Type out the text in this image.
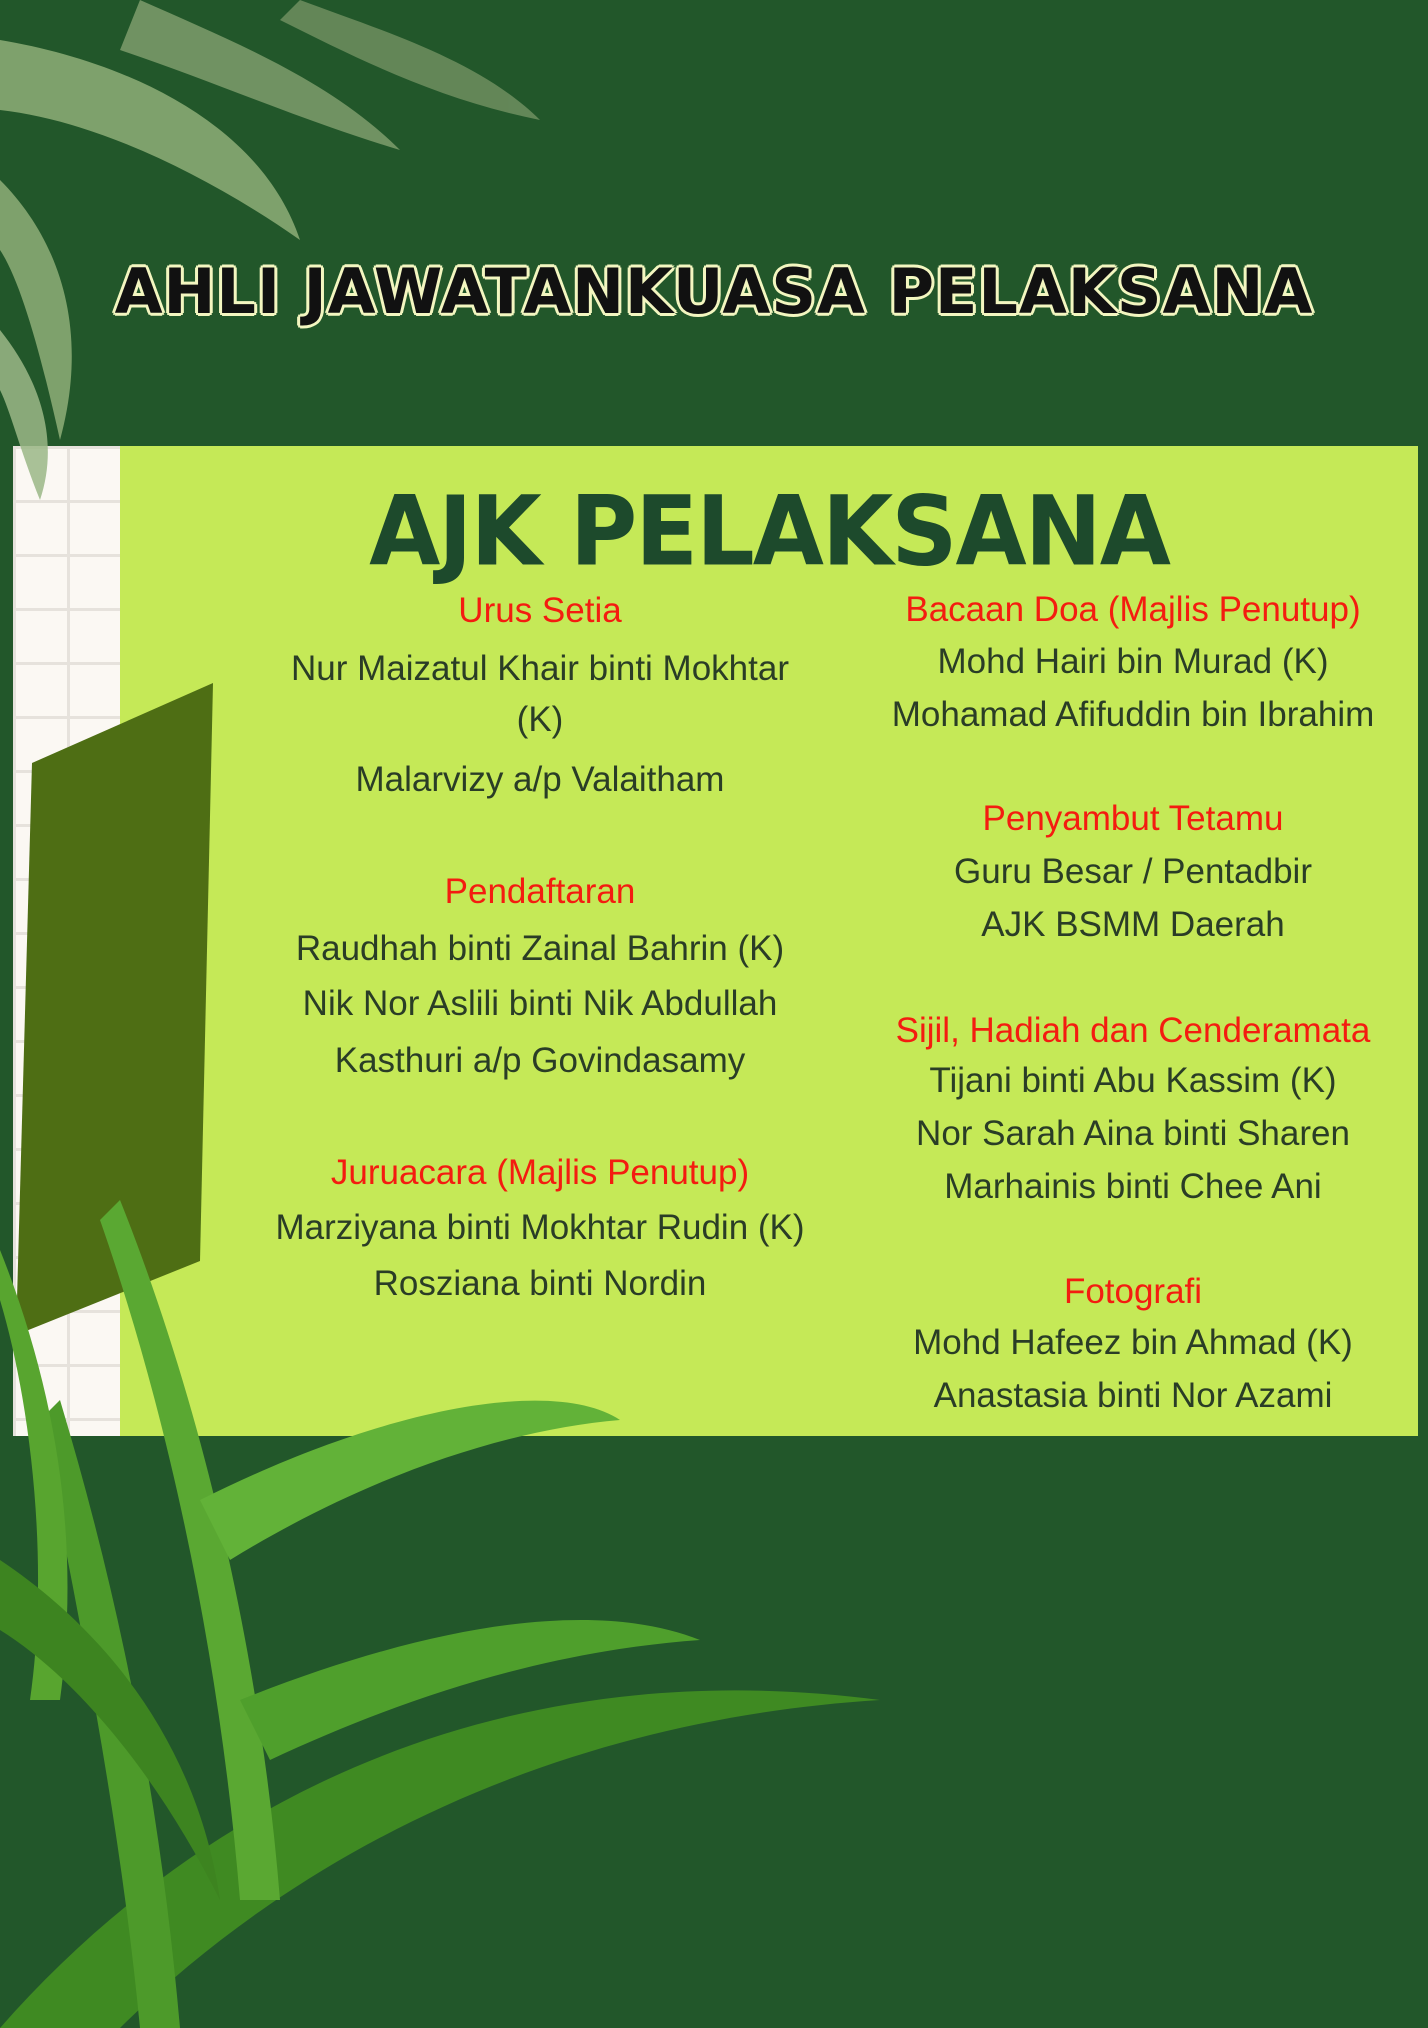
AHLI JAWATANKUASA PELAKSANA
AJK PELAKSANA
Urus Setia
Nur Maizatul Khair binti Mokhtar
(K)
Malarvizy a/p Valaitham
Pendaftaran
Raudhah binti Zainal Bahrin (K)
Nik Nor Aslili binti Nik Abdullah
Kasthuri a/p Govindasamy
Juruacara (Majlis Penutup)
Marziyana binti Mokhtar Rudin (K)
Rosziana binti Nordin
Bacaan Doa (Majlis Penutup)
Mohd Hairi bin Murad (K)
Mohamad Afifuddin bin Ibrahim
Penyambut Tetamu
Guru Besar / Pentadbir
AJK BSMM Daerah
Sijil, Hadiah dan Cenderamata
Tijani binti Abu Kassim (K)
Nor Sarah Aina binti Sharen
Marhainis binti Chee Ani
Fotografi
Mohd Hafeez bin Ahmad (K)
Anastasia binti Nor Azami
